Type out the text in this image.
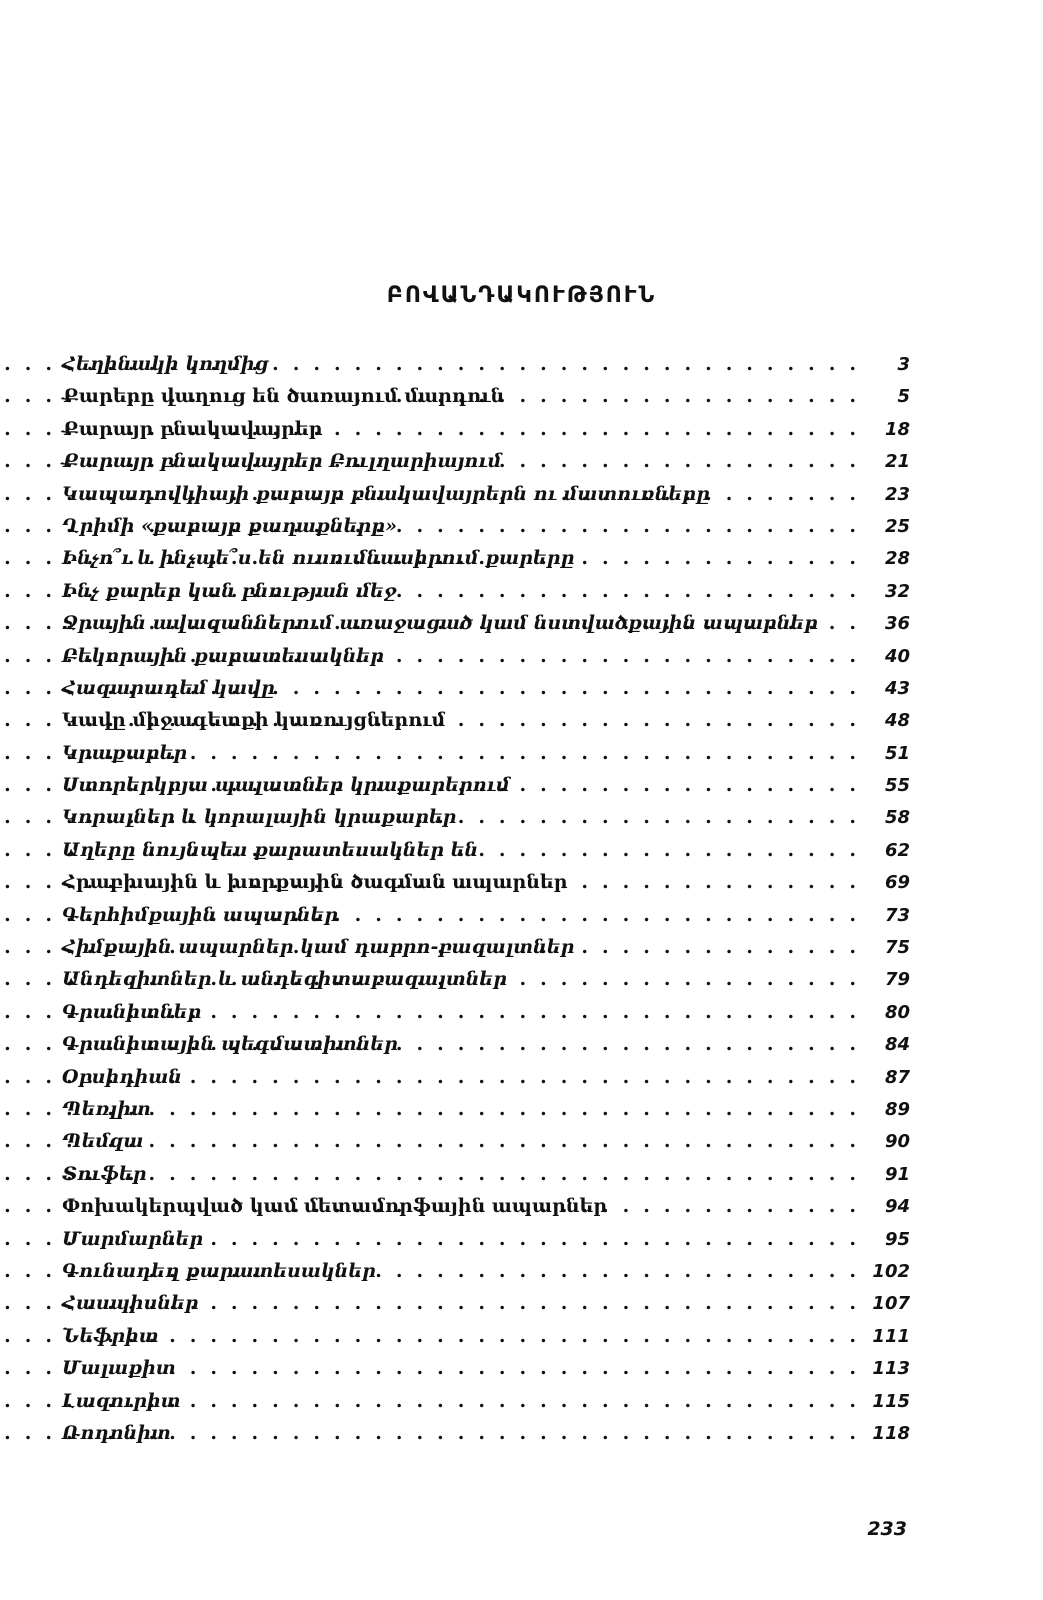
ԲՈՎԱՆԴԱԿՈՒԹՅՈՒՆ
Հեղինակի կողմից .....	3
Քարերը վաղուց են ծառայում մարդուն .....	5
Քարայր բնակավայրեր .....	18
Քարայր բնակավայրեր Բուլղարիայում .....	21
Կապադովկիայի քարայր բնակավայրերն ու մատուռները .....	23
Ղրիմի «քարայր քաղաքները» .....	25
Ինչո՞ւ և ինչպե՞ս են ուսումնասիրում քարերը .....	28
Ինչ քարեր կան բնության մեջ .....	32
Ջրային ավազաններում առաջացած կամ նստվածքային ապարներ .....	36
Բեկորային քարատեսակներ .....	40
Հազարադեմ կավը .....	43
Կավը միջագետքի կառույցներում .....	48
Կրաքարեր .....	51
Ստորերկրյա պալատներ կրաքարերում .....	55
Կորալներ և կորալային կրաքարեր .....	58
Աղերը նույնպես քարատեսակներ են .....	62
Հրաբխային և խորքային ծագման ապարներ .....	69
Գերհիմքային ապարներ .....	73
Հիմքային ապարներ կամ դաբրո-բազալտներ .....	75
Անդեզիտներ և անդեզիտաբազալտներ .....	79
Գրանիտներ .....	80
Գրանիտային պեգմատիտներ .....	84
Օբսիդիան .....	87
Պեռլիտ .....	89
Պեմզա .....	90
Տուֆեր .....	91
Փոխակերպված կամ մետամորֆային ապարներ .....	94
Մարմարներ .....	95
Գունադեղ քարատեսակներ .....	102
Հասպիսներ .....	107
Նեֆրիտ .....	111
Մալաքիտ .....	113
Լազուրիտ .....	115
Ռոդոնիտ .....	118
233
